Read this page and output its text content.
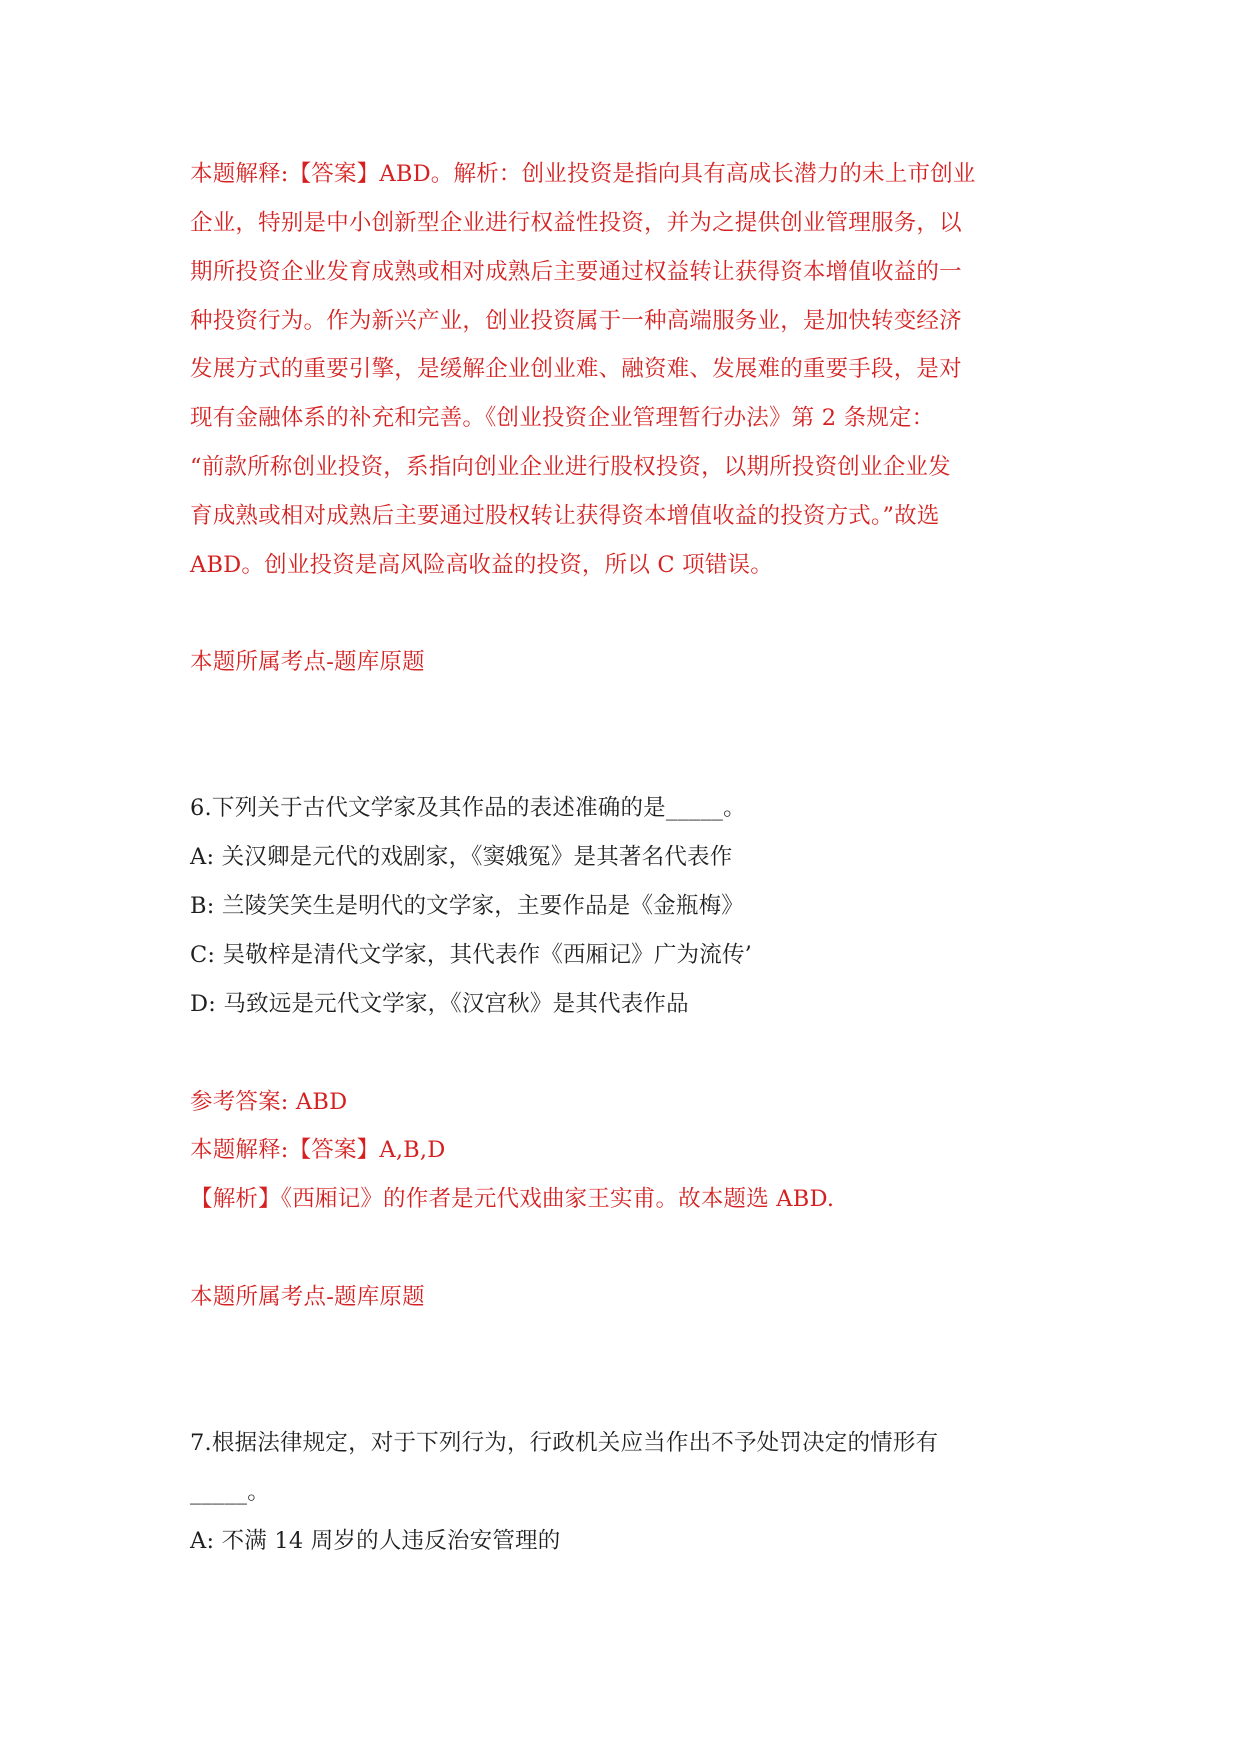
本题解释:【答案】ABD。解析：创业投资是指向具有高成长潜力的未上市创业
企业，特别是中小创新型企业进行权益性投资，并为之提供创业管理服务，以
期所投资企业发育成熟或相对成熟后主要通过权益转让获得资本增值收益的一
种投资行为。作为新兴产业，创业投资属于一种高端服务业，是加快转变经济
发展方式的重要引擎，是缓解企业创业难、融资难、发展难的重要手段，是对
现有金融体系的补充和完善。《创业投资企业管理暂行办法》第 2 条规定：
“前款所称创业投资，系指向创业企业进行股权投资，以期所投资创业企业发
育成熟或相对成熟后主要通过股权转让获得资本增值收益的投资方式。”故选
ABD。创业投资是高风险高收益的投资，所以 C 项错误。
本题所属考点-题库原题
6.下列关于古代文学家及其作品的表述准确的是_____。
A: 关汉卿是元代的戏剧家，《窦娥冤》是其著名代表作
B: 兰陵笑笑生是明代的文学家，主要作品是《金瓶梅》
C: 吴敬梓是清代文学家，其代表作《西厢记》广为流传’
D: 马致远是元代文学家，《汉宫秋》是其代表作品
参考答案: ABD
本题解释:【答案】A,B,D
【解析】《西厢记》的作者是元代戏曲家王实甫。故本题选 ABD.
本题所属考点-题库原题
7.根据法律规定，对于下列行为，行政机关应当作出不予处罚决定的情形有
_____。
A: 不满 14 周岁的人违反治安管理的
